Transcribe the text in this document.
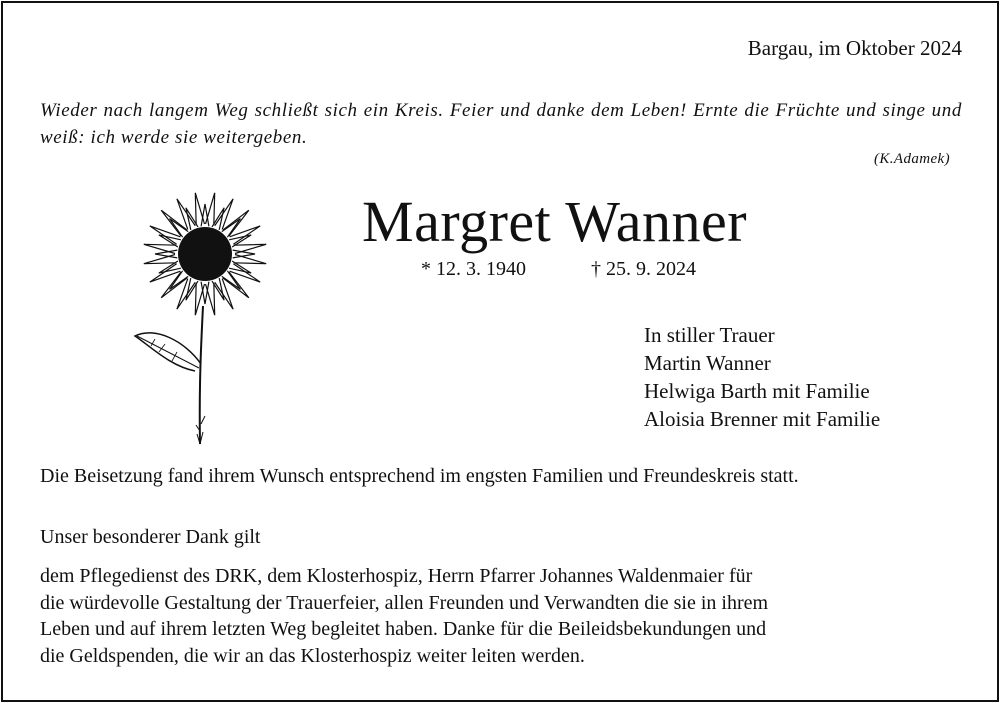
Bargau, im Oktober 2024
Wieder nach langem Weg schließt sich ein Kreis. Feier und danke dem Leben! Ernte die Früchte und singe und weiß: ich werde sie weitergeben.
(K.Adamek)
Margret Wanner
* 12. 3. 1940	† 25. 9. 2024
In stiller Trauer
Martin Wanner
Helwiga Barth mit Familie
Aloisia Brenner mit Familie
Die Beisetzung fand ihrem Wunsch entsprechend im engsten Familien und Freundeskreis statt.
Unser besonderer Dank gilt
dem Pflegedienst des DRK, dem Klosterhospiz, Herrn Pfarrer Johannes Waldenmaier für
die würdevolle Gestaltung der Trauerfeier, allen Freunden und Verwandten die sie in ihrem
Leben und auf ihrem letzten Weg begleitet haben. Danke für die Beileidsbekundungen und
die Geldspenden, die wir an das Klosterhospiz weiter leiten werden.
